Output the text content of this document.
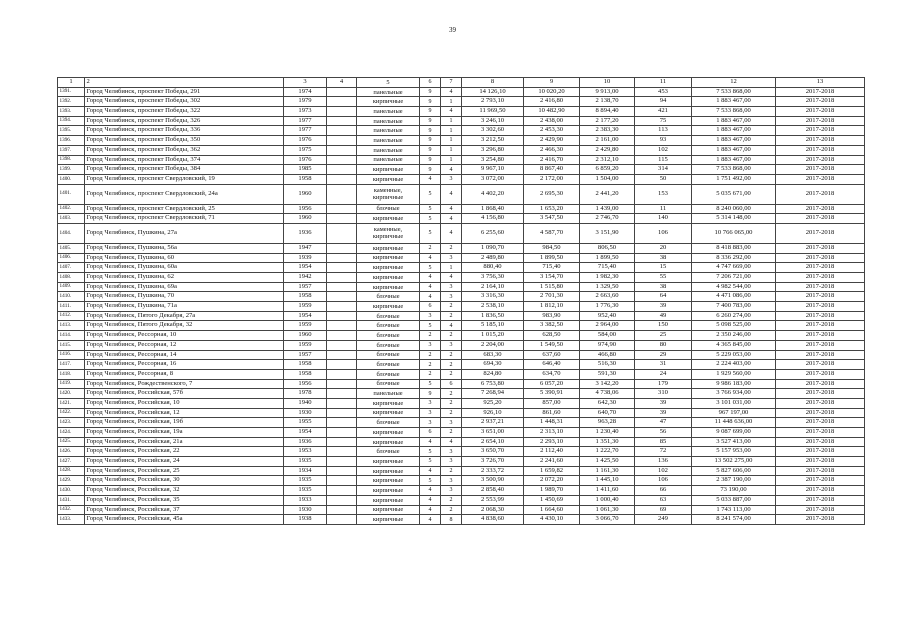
39
1	2	3	4	5	6	7	8	9	10	11	12	13
1391.	Город Челябинск, проспект Победы, 291	1974		панельные	9	4	14 126,10	10 020,20	9 913,00	453	7 533 868,00	2017-2018
1392.	Город Челябинск, проспект Победы, 302	1979		кирпичные	9	1	2 793,10	2 416,80	2 138,70	94	1 883 467,00	2017-2018
1393.	Город Челябинск, проспект Победы, 322	1973		панельные	9	4	11 969,50	10 482,90	8 894,40	421	7 533 868,00	2017-2018
1394.	Город Челябинск, проспект Победы, 326	1977		панельные	9	1	3 246,10	2 438,00	2 177,20	75	1 883 467,00	2017-2018
1395.	Город Челябинск, проспект Победы, 336	1977		панельные	9	1	3 302,60	2 453,30	2 383,30	113	1 883 467,00	2017-2018
1396.	Город Челябинск, проспект Победы, 350	1976		панельные	9	1	3 212,50	2 429,90	2 161,00	93	1 883 467,00	2017-2018
1397.	Город Челябинск, проспект Победы, 362	1975		панельные	9	1	3 296,80	2 466,30	2 429,80	102	1 883 467,00	2017-2018
1398.	Город Челябинск, проспект Победы, 374	1976		панельные	9	1	3 254,80	2 416,70	2 312,10	115	1 883 467,00	2017-2018
1399.	Город Челябинск, проспект Победы, 384	1985		кирпичные	9	4	9 967,10	8 867,40	6 859,20	314	7 533 868,00	2017-2018
1400.	Город Челябинск, проспект Свердловский, 19	1958		кирпичные	4	3	3 072,00	2 172,00	1 504,00	50	1 751 492,00	2017-2018
1401.	Город Челябинск, проспект Свердловский, 24а	1960		каменные, кирпичные	5	4	4 402,20	2 695,30	2 441,20	153	5 035 671,00	2017-2018
1402.	Город Челябинск, проспект Свердловский, 25	1956		блочные	5	4	1 868,40	1 653,20	1 439,00	11	8 240 060,00	2017-2018
1403.	Город Челябинск, проспект Свердловский, 71	1960		кирпичные	5	4	4 156,80	3 547,50	2 746,70	140	5 314 148,00	2017-2018
1404.	Город Челябинск, Пушкина, 27а	1936		каменные, кирпичные	5	4	6 255,60	4 587,70	3 151,90	106	10 766 065,00	2017-2018
1405.	Город Челябинск, Пушкина, 56а	1947		кирпичные	2	2	1 090,70	984,50	806,50	20	8 418 883,00	2017-2018
1406.	Город Челябинск, Пушкина, 60	1939		кирпичные	4	3	2 489,80	1 899,50	1 899,50	38	8 336 292,00	2017-2018
1407.	Город Челябинск, Пушкина, 60а	1954		кирпичные	5	1	880,40	715,40	715,40	15	4 747 669,00	2017-2018
1408.	Город Челябинск, Пушкина, 62	1942		кирпичные	4	4	3 756,30	3 154,70	1 982,30	55	7 206 721,00	2017-2018
1409.	Город Челябинск, Пушкина, 69а	1957		кирпичные	4	3	2 164,10	1 515,80	1 329,50	38	4 982 544,00	2017-2018
1410.	Город Челябинск, Пушкина, 70	1958		блочные	4	3	3 316,30	2 701,30	2 663,60	64	4 471 086,00	2017-2018
1411.	Город Челябинск, Пушкина, 71а	1959		кирпичные	6	2	2 538,10	1 812,10	1 776,30	39	7 400 783,00	2017-2018
1412.	Город Челябинск, Пятого Декабря, 27а	1954		блочные	3	2	1 836,50	983,90	952,40	49	6 260 274,00	2017-2018
1413.	Город Челябинск, Пятого Декабря, 32	1959		блочные	5	4	5 185,10	3 382,50	2 964,00	150	5 098 525,00	2017-2018
1414.	Город Челябинск, Рессорная, 10	1960		блочные	2	2	1 015,20	628,50	584,00	25	2 350 246,00	2017-2018
1415.	Город Челябинск, Рессорная, 12	1959		блочные	3	3	2 204,00	1 549,50	974,90	80	4 365 845,00	2017-2018
1416.	Город Челябинск, Рессорная, 14	1957		блочные	2	2	683,30	637,60	466,80	29	5 229 053,00	2017-2018
1417.	Город Челябинск, Рессорная, 16	1958		блочные	2	2	694,30	646,40	516,30	31	2 224 403,00	2017-2018
1418.	Город Челябинск, Рессорная, 8	1958		блочные	2	2	824,80	634,70	591,30	24	1 929 560,00	2017-2018
1419.	Город Челябинск, Рождественского, 7	1956		блочные	5	6	6 753,80	6 057,20	3 142,20	179	9 986 183,00	2017-2018
1420.	Город Челябинск, Российская, 57б	1978		панельные	9	2	7 268,94	5 390,91	4 738,06	310	3 766 934,00	2017-2018
1421.	Город Челябинск, Российская, 10	1940		кирпичные	3	2	925,20	857,00	642,30	39	3 101 031,00	2017-2018
1422.	Город Челябинск, Российская, 12	1930		кирпичные	3	2	926,10	861,60	640,70	39	967 197,00	2017-2018
1423.	Город Челябинск, Российская, 19б	1955		блочные	3	3	2 937,21	1 448,31	963,28	47	11 448 636,00	2017-2018
1424.	Город Челябинск, Российская, 19а	1954		кирпичные	6	2	3 651,00	2 313,10	1 230,40	56	9 087 699,00	2017-2018
1425.	Город Челябинск, Российская, 21а	1936		кирпичные	4	4	2 654,10	2 293,10	1 351,30	85	3 527 413,00	2017-2018
1426.	Город Челябинск, Российская, 22	1953		блочные	5	3	3 650,70	2 112,40	1 222,70	72	5 157 953,00	2017-2018
1427.	Город Челябинск, Российская, 24	1935		кирпичные	5	3	3 726,70	2 241,60	1 425,50	136	13 502 275,00	2017-2018
1428.	Город Челябинск, Российская, 25	1934		кирпичные	4	2	2 333,72	1 659,82	1 161,30	102	5 827 606,00	2017-2018
1429.	Город Челябинск, Российская, 30	1935		кирпичные	5	3	3 500,90	2 072,20	1 445,10	106	2 387 190,00	2017-2018
1430.	Город Челябинск, Российская, 32	1935		кирпичные	4	3	2 858,40	1 989,70	1 411,60	66	73 190,00	2017-2018
1431.	Город Челябинск, Российская, 35	1933		кирпичные	4	2	2 553,99	1 450,69	1 000,40	63	5 033 887,00	2017-2018
1432.	Город Челябинск, Российская, 37	1930		кирпичные	4	2	2 068,30	1 664,60	1 061,30	69	1 743 113,00	2017-2018
1433.	Город Челябинск, Российская, 45а	1938		кирпичные	4	8	4 838,60	4 430,10	3 066,70	249	8 241 574,00	2017-2018
